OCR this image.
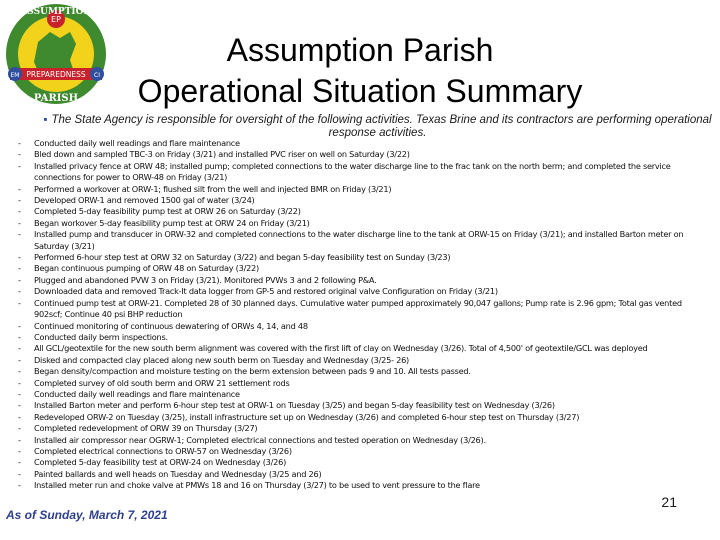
EP
PREPAREDNESS
EM	CI
ASSUMPTION
PARISH
Assumption Parish
Operational Situation Summary
▪ The State Agency is responsible for oversight of the following activities. Texas Brine and its contractors are performing operational response activities.
- Conducted daily well readings and flare maintenance
- Bled down and sampled TBC-3 on Friday (3/21) and installed PVC riser on well on Saturday (3/22)
- Installed privacy fence at ORW 48; installed pump; completed connections to the water discharge line to the frac tank on the north berm; and completed the service connections for power to ORW-48 on Friday (3/21)
- Performed a workover at ORW-1; flushed silt from the well and injected BMR on Friday (3/21)
- Developed ORW-1 and removed 1500 gal of water (3/24)
- Completed 5-day feasibility pump test at ORW 26 on Saturday (3/22)
- Began workover 5-day feasibility pump test at ORW 24 on Friday (3/21)
- Installed pump and transducer in ORW-32 and completed connections to the water discharge line to the tank at ORW-15 on Friday (3/21); and installed Barton meter on Saturday (3/21)
- Performed 6-hour step test at ORW 32 on Saturday (3/22) and began 5-day feasibility test on Sunday (3/23)
- Began continuous pumping of ORW 48 on Saturday (3/22)
- Plugged and abandoned PVW 3 on Friday (3/21). Monitored PVWs 3 and 2 following P&A.
- Downloaded data and removed Track-It data logger from GP-5 and restored original valve Configuration on Friday (3/21)
- Continued pump test at ORW-21. Completed 28 of 30 planned days. Cumulative water pumped approximately 90,047 gallons; Pump rate is 2.96 gpm; Total gas vented 902scf; Continue 40 psi BHP reduction
- Continued monitoring of continuous dewatering of ORWs 4, 14, and 48
- Conducted daily berm inspections.
- All GCL/geotextile for the new south berm alignment was covered with the first lift of clay on Wednesday (3/26). Total of 4,500' of geotextile/GCL was deployed
- Disked and compacted clay placed along new south berm on Tuesday and Wednesday (3/25- 26)
- Began density/compaction and moisture testing on the berm extension between pads 9 and 10. All tests passed.
- Completed survey of old south berm and ORW 21 settlement rods
- Conducted daily well readings and flare maintenance
- Installed Barton meter and perform 6-hour step test at ORW-1 on Tuesday (3/25) and began 5-day feasibility test on Wednesday (3/26)
- Redeveloped ORW-2 on Tuesday (3/25), install infrastructure set up on Wednesday (3/26) and completed 6-hour step test on Thursday (3/27)
- Completed redevelopment of ORW 39 on Thursday (3/27)
- Installed air compressor near OGRW-1; Completed electrical connections and tested operation on Wednesday (3/26).
- Completed electrical connections to ORW-57 on Wednesday (3/26)
- Completed 5-day feasibility test at ORW-24 on Wednesday (3/26)
- Painted ballards and well heads on Tuesday and Wednesday (3/25 and 26)
- Installed meter run and choke valve at PMWs 18 and 16 on Thursday (3/27) to be used to vent pressure to the flare
As of Sunday, March 7, 2021
21
